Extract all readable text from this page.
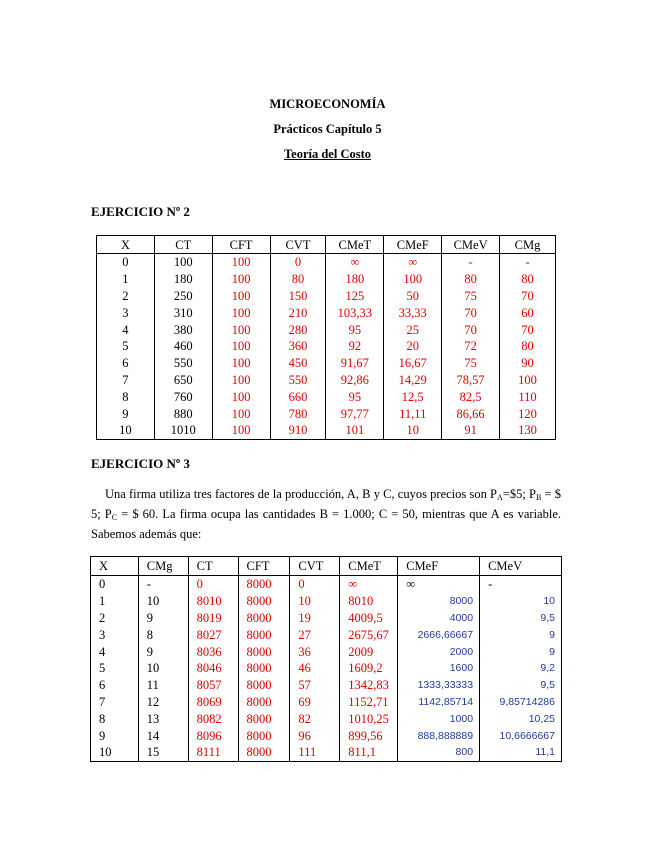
MICROECONOMÍA
Prácticos Capítulo 5
Teoría del Costo
EJERCICIO Nº 2
X	CT	CFT	CVT	CMeT	CMeF	CMeV	CMg
0	100	100	0	∞	∞	-	-
1	180	100	80	180	100	80	80
2	250	100	150	125	50	75	70
3	310	100	210	103,33	33,33	70	60
4	380	100	280	95	25	70	70
5	460	100	360	92	20	72	80
6	550	100	450	91,67	16,67	75	90
7	650	100	550	92,86	14,29	78,57	100
8	760	100	660	95	12,5	82,5	110
9	880	100	780	97,77	11,11	86,66	120
10	1010	100	910	101	10	91	130
EJERCICIO Nº 3
Una firma utiliza tres factores de la producción, A, B y C, cuyos precios son $P_A=\$5$; $P_B$ = $ 5; $P_C$ = $ 60. La firma ocupa las cantidades B = 1.000; C = 50, mientras que A es variable. Sabemos además que:
X	CMg	CT	CFT	CVT	CMeT	CMeF	CMeV
0	-	0	8000	0	∞	∞	-
1	10	8010	8000	10	8010	8000	10
2	9	8019	8000	19	4009,5	4000	9,5
3	8	8027	8000	27	2675,67	2666,66667	9
4	9	8036	8000	36	2009	2000	9
5	10	8046	8000	46	1609,2	1600	9,2
6	11	8057	8000	57	1342,83	1333,33333	9,5
7	12	8069	8000	69	1152,71	1142,85714	9,85714286
8	13	8082	8000	82	1010,25	1000	10,25
9	14	8096	8000	96	899,56	888,888889	10,6666667
10	15	8111	8000	111	811,1	800	11,1
